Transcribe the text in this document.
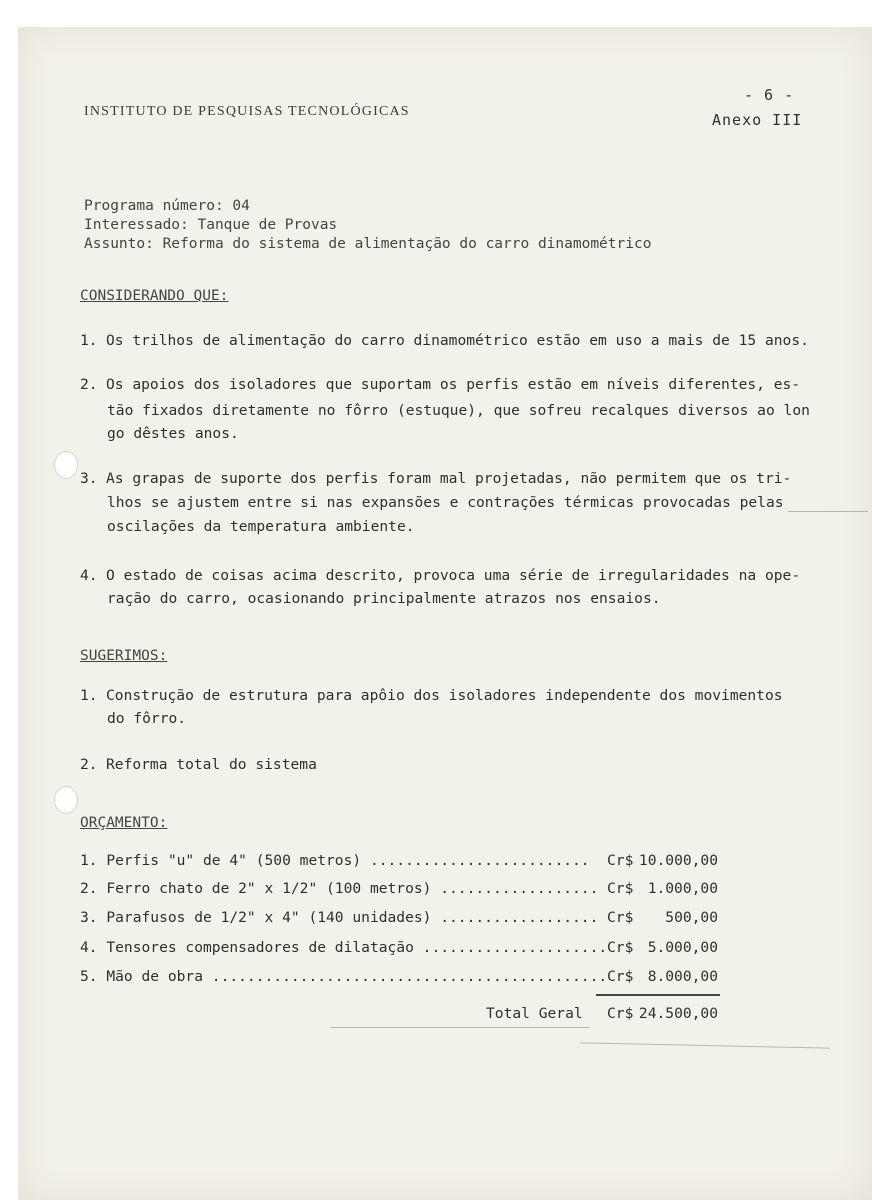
INSTITUTO DE PESQUISAS TECNOLÓGICAS
- 6 -
Anexo III
Programa número: 04
Interessado: Tanque de Provas
Assunto: Reforma do sistema de alimentação do carro dinamométrico
CONSIDERANDO QUE:
1. Os trilhos de alimentação do carro dinamométrico estão em uso a mais de 15 anos.
2. Os apoios dos isoladores que suportam os perfis estão em níveis diferentes, es-
tão fixados diretamente no fôrro (estuque), que sofreu recalques diversos ao lon
go dêstes anos.
3. As grapas de suporte dos perfis foram mal projetadas, não permitem que os tri-
lhos se ajustem entre si nas expansões e contrações térmicas provocadas pelas
oscilações da temperatura ambiente.
4. O estado de coisas acima descrito, provoca uma série de irregularidades na ope-
ração do carro, ocasionando principalmente atrazos nos ensaios.
SUGERIMOS:
1. Construção de estrutura para apôio dos isoladores independente dos movimentos
do fôrro.
2. Reforma total do sistema
ORÇAMENTO:
1. Perfis "u" de 4" (500 metros) ......................... Cr$ 10.000,00
2. Ferro chato de 2" x 1/2" (100 metros) .................. Cr$ 1.000,00
3. Parafusos de 1/2" x 4" (140 unidades) .................. Cr$ 500,00
4. Tensores compensadores de dilatação ..................... Cr$ 5.000,00
5. Mão de obra ............................................. Cr$ 8.000,00
Total Geral Cr$ 24.500,00
